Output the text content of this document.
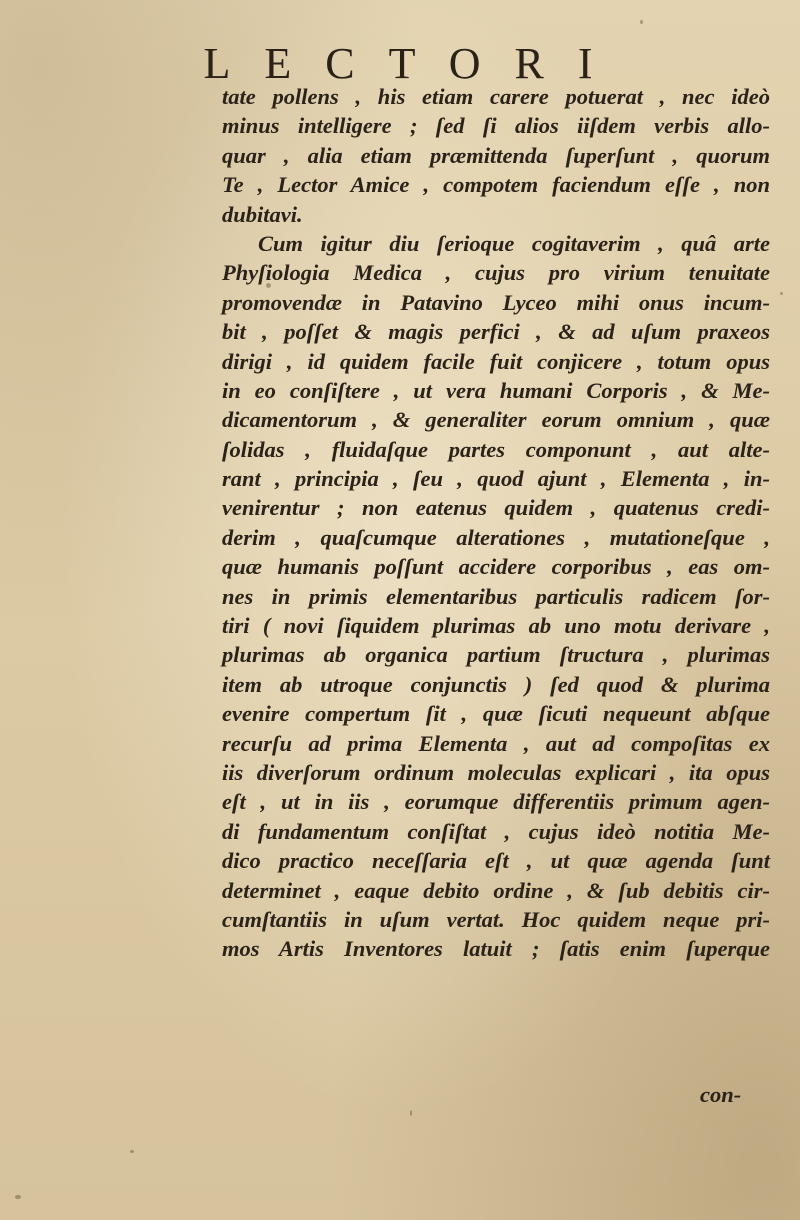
LECTORI
tate pollens , his etiam carere potuerat , nec ideò
minus intelligere ; ſed ſi alios iiſdem verbis allo-
quar , alia etiam præmittenda ſuperſunt , quorum
Te , Lector Amice , compotem faciendum eſſe , non
dubitavi.
Cum igitur diu ſerioque cogitaverim , quâ arte
Phyſiologia Medica , cujus pro virium tenuitate
promovendæ in Patavino Lyceo mihi onus incum-
bit , poſſet & magis perfici , & ad uſum praxeos
dirigi , id quidem facile fuit conjicere , totum opus
in eo conſiſtere , ut vera humani Corporis , & Me-
dicamentorum , & generaliter eorum omnium , quæ
ſolidas , fluidaſque partes componunt , aut alte-
rant , principia , ſeu , quod ajunt , Elementa , in-
venirentur ; non eatenus quidem , quatenus credi-
derim , quaſcumque alterationes , mutationeſque ,
quæ humanis poſſunt accidere corporibus , eas om-
nes in primis elementaribus particulis radicem ſor-
tiri ( novi ſiquidem plurimas ab uno motu derivare ,
plurimas ab organica partium ſtructura , plurimas
item ab utroque conjunctis ) ſed quod & plurima
evenire compertum ſit , quæ ſicuti nequeunt abſque
recurſu ad prima Elementa , aut ad compoſitas ex
iis diverſorum ordinum moleculas explicari , ita opus
eſt , ut in iis , eorumque differentiis primum agen-
di fundamentum conſiſtat , cujus ideò notitia Me-
dico practico neceſſaria eſt , ut quæ agenda ſunt
determinet , eaque debito ordine , & ſub debitis cir-
cumſtantiis in uſum vertat. Hoc quidem neque pri-
mos Artis Inventores latuit ; ſatis enim ſuperque
con-
